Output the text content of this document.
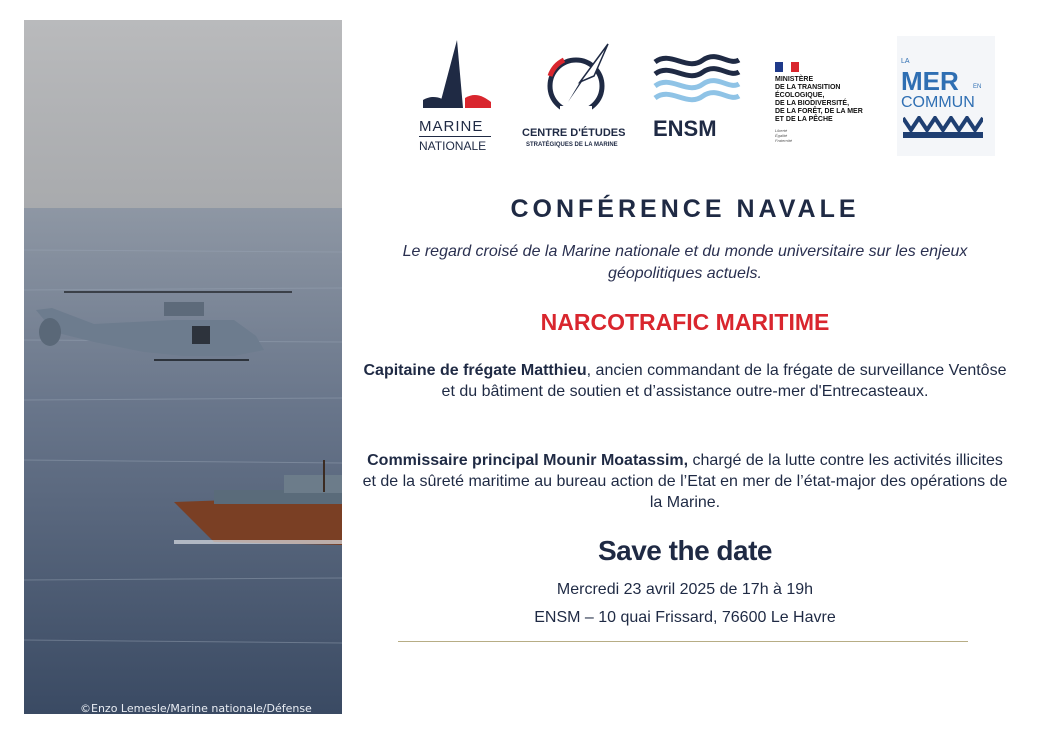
©Enzo Lemesle/Marine nationale/Défense
MARINE
NATIONALE
CENTRE D'ÉTUDES
STRATÉGIQUES DE LA MARINE
ENSM
MINISTÈRE
DE LA TRANSITION
ÉCOLOGIQUE,
DE LA BIODIVERSITÉ,
DE LA FORÊT, DE LA MER
ET DE LA PÊCHE
Liberté
Égalité
Fraternité
LA
MER EN
COMMUN
CONFÉRENCE NAVALE
Le regard croisé de la Marine nationale et du monde universitaire sur les enjeux géopolitiques actuels.
NARCOTRAFIC MARITIME
Capitaine de frégate Matthieu, ancien commandant de la frégate de surveillance Ventôse et du bâtiment de soutien et d’assistance outre-mer d'Entrecasteaux.
Commissaire principal Mounir Moatassim, chargé de la lutte contre les activités illicites et de la sûreté maritime au bureau action de l’Etat en mer de l’état-major des opérations de la Marine.
Save the date
Mercredi 23 avril 2025 de 17h à 19h
ENSM – 10 quai Frissard, 76600 Le Havre
